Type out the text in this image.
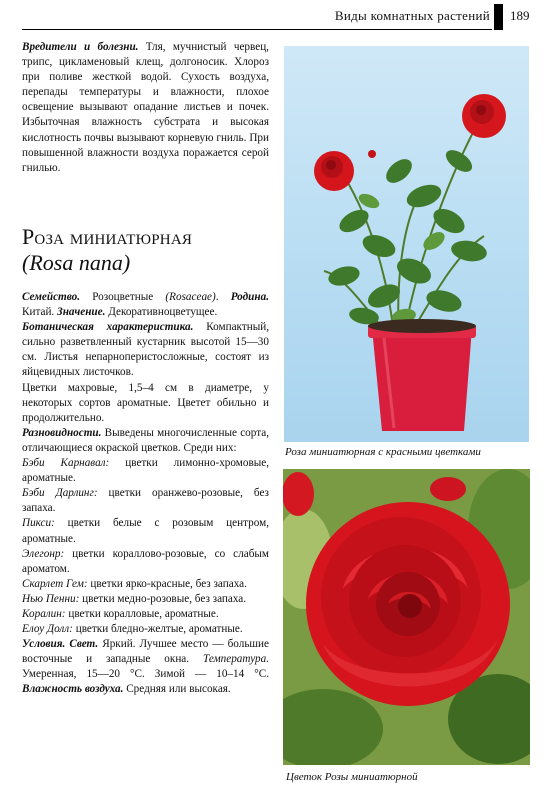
Виды комнатных растений 189

Вредители и болезни. Тля, мучнистый червец, трипс, цикламеновый клещ, долгоносик. Хлороз при поливе жесткой водой. Сухость воздуха, перепады температуры и влажности, плохое освещение вызывают опадание листьев и почек. Избыточная влажность субстрата и высокая кислотность почвы вызывают корневую гниль. При повышенной влажности воздуха поражается серой гнилью.

Роза миниатюрная
(Rosa nana)

Семейство. Розоцветные (Rosaceae). Родина. Китай. Значение. Декоративноцветущее.

Ботаническая характеристика. Компактный, сильно разветвленный кустарник высотой 15—30 см. Листья непарноперистосложные, состоят из яйцевидных листочков.

Цветки махровые, 1,5–4 см в диаметре, у некоторых сортов ароматные. Цветет обильно и продолжительно.

Разновидности. Выведены многочисленные сорта, отличающиеся окраской цветков. Среди них:

Бэби Карнавал: цветки лимонно-хромовые, ароматные.

Бэби Дарлинг: цветки оранжево-розовые, без запаха.

Пикси: цветки белые с розовым центром, ароматные.

Элегонр: цветки кораллово-розовые, со слабым ароматом.

Скарлет Гем: цветки ярко-красные, без запаха.

Нью Пенни: цветки медно-розовые, без запаха.

Коралин: цветки коралловые, ароматные.

Елоу Долл: цветки бледно-желтые, ароматные.

Условия. Свет. Яркий. Лучшее место — большие восточные и западные окна. Температура. Умеренная, 15—20 °С. Зимой — 10–14 °С. Влажность воздуха. Средняя или высокая.

Роза миниатюрная с красными цветками
Цветок Розы миниатюрной
